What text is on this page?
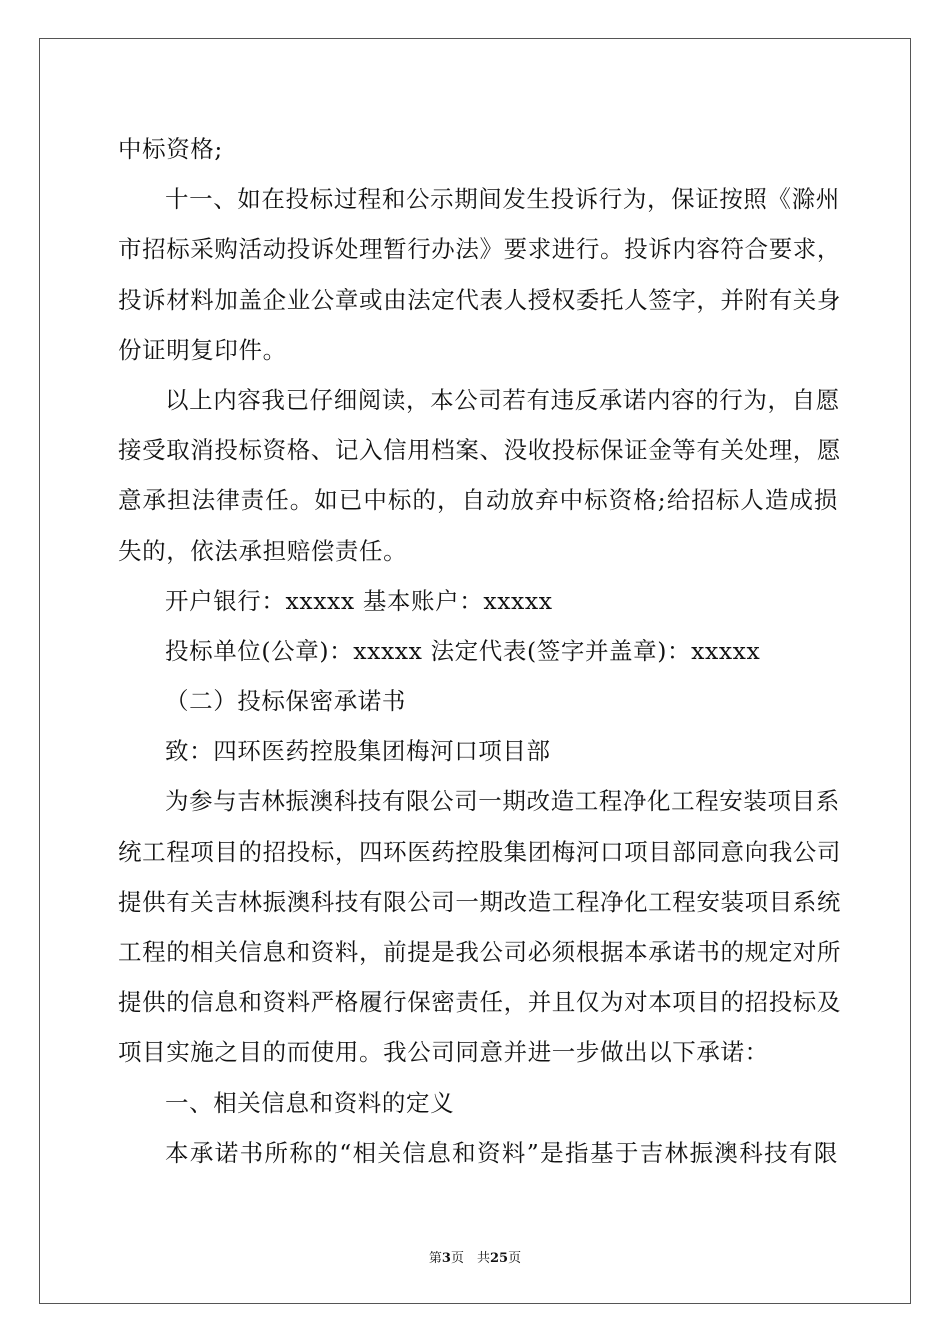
中标资格;
十一、如在投标过程和公示期间发生投诉行为，保证按照《滁州
市招标采购活动投诉处理暂行办法》要求进行。投诉内容符合要求，
投诉材料加盖企业公章或由法定代表人授权委托人签字，并附有关身
份证明复印件。
以上内容我已仔细阅读，本公司若有违反承诺内容的行为，自愿
接受取消投标资格、记入信用档案、没收投标保证金等有关处理，愿
意承担法律责任。如已中标的，自动放弃中标资格;给招标人造成损
失的，依法承担赔偿责任。
开户银行：xxxxx 基本账户：xxxxx
投标单位(公章)：xxxxx 法定代表(签字并盖章)：xxxxx
（二）投标保密承诺书
致：四环医药控股集团梅河口项目部
为参与吉林振澳科技有限公司一期改造工程净化工程安装项目系
统工程项目的招投标，四环医药控股集团梅河口项目部同意向我公司
提供有关吉林振澳科技有限公司一期改造工程净化工程安装项目系统
工程的相关信息和资料，前提是我公司必须根据本承诺书的规定对所
提供的信息和资料严格履行保密责任，并且仅为对本项目的招投标及
项目实施之目的而使用。我公司同意并进一步做出以下承诺：
一、相关信息和资料的定义
本承诺书所称的“相关信息和资料”是指基于吉林振澳科技有限
第3页　共25页
